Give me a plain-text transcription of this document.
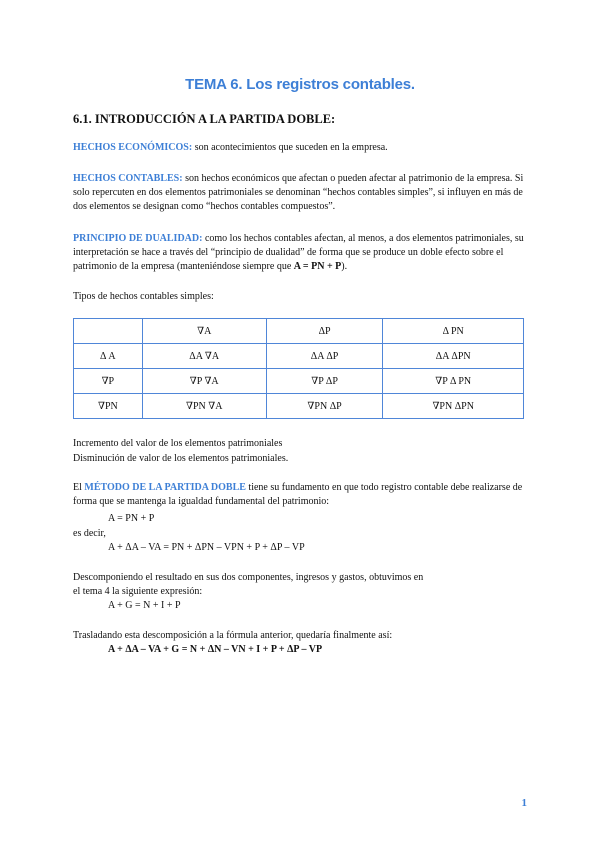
TEMA 6. Los registros contables.
6.1. INTRODUCCIÓN A LA PARTIDA DOBLE:
HECHOS ECONÓMICOS: son acontecimientos que suceden en la empresa.
HECHOS CONTABLES: son hechos económicos que afectan o pueden afectar al patrimonio de la empresa. Si solo repercuten en dos elementos patrimoniales se denominan “hechos contables simples”, si influyen en más de dos elementos se designan como “hechos contables compuestos”.
PRINCIPIO DE DUALIDAD: como los hechos contables afectan, al menos, a dos elementos patrimoniales, su interpretación se hace a través del “principio de dualidad” de forma que se produce un doble efecto sobre el patrimonio de la empresa (manteniéndose siempre que A = PN + P).
Tipos de hechos contables simples:
	∇A	ΔP	Δ PN
Δ A	ΔA ∇A	ΔA ΔP	ΔA ΔPN
∇P	∇P ∇A	∇P ΔP	∇P Δ PN
∇PN	∇PN ∇A	∇PN ΔP	∇PN ΔPN
Incremento del valor de los elementos patrimoniales
Disminución de valor de los elementos patrimoniales.
El MÉTODO DE LA PARTIDA DOBLE tiene su fundamento en que todo registro contable debe realizarse de forma que se mantenga la igualdad fundamental del patrimonio:
A = PN + P
es decir,
A + ΔA – VA = PN + ΔPN – VPN + P + ΔP – VP
Descomponiendo el resultado en sus dos componentes, ingresos y gastos, obtuvimos en
el tema 4 la siguiente expresión:
A + G = N + I + P
Trasladando esta descomposición a la fórmula anterior, quedaría finalmente así:
A + ΔA – VA + G = N + ΔN – VN + I + P + ΔP – VP
1
